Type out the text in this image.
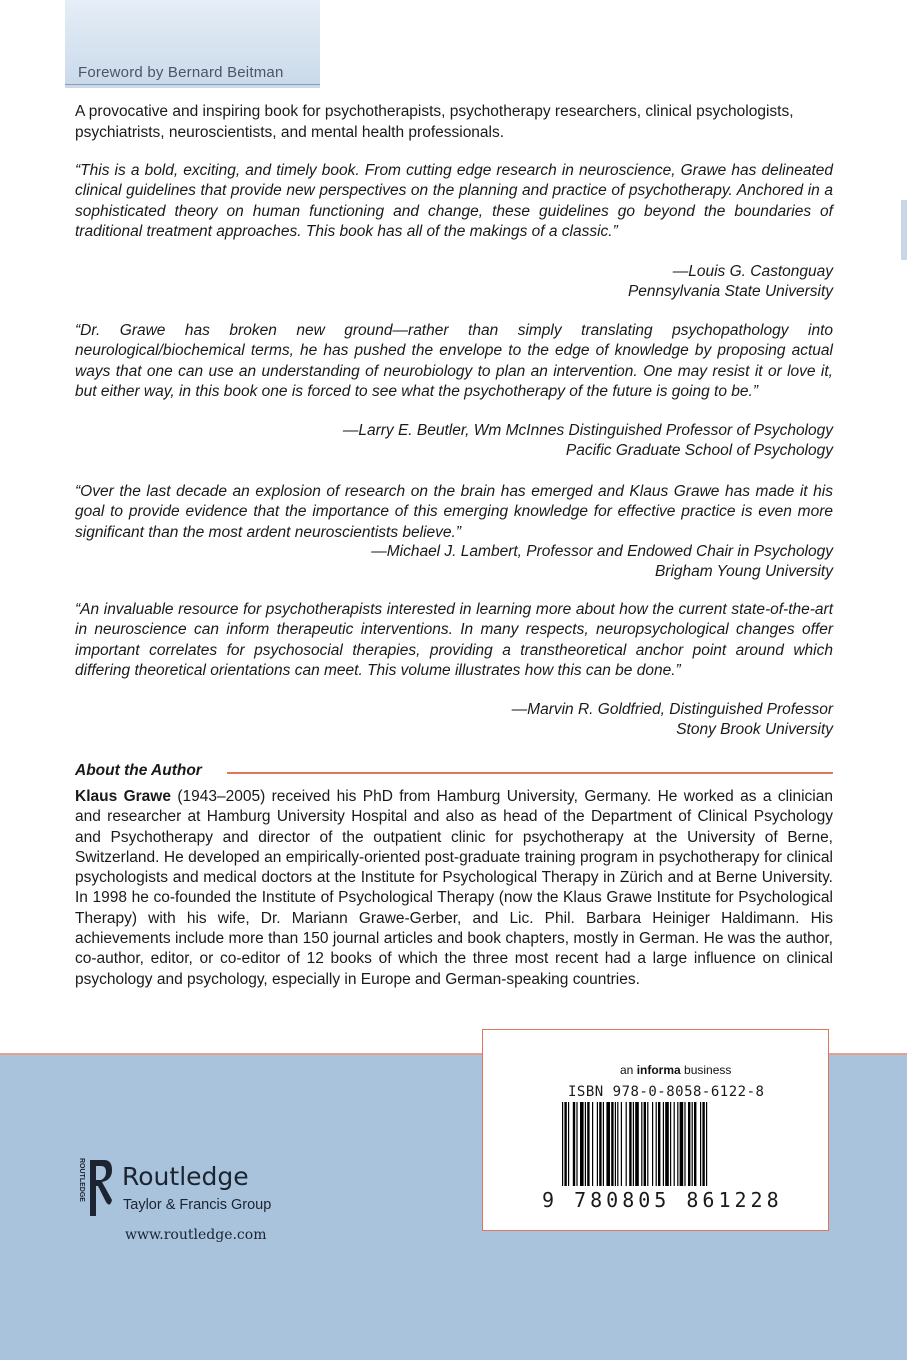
Foreword by Bernard Beitman

A provocative and inspiring book for psychotherapists, psychotherapy researchers, clinical psychologists, psychiatrists, neuroscientists, and mental health professionals.

“This is a bold, exciting, and timely book. From cutting edge research in neuroscience, Grawe has delineated clinical guidelines that provide new perspectives on the planning and practice of psychotherapy. Anchored in a sophisticated theory on human functioning and change, these guidelines go beyond the boundaries of traditional treatment approaches. This book has all of the makings of a classic.”

—Louis G. Castonguay
Pennsylvania State University

“Dr. Grawe has broken new ground—rather than simply translating psychopathology into neurological/biochemical terms, he has pushed the envelope to the edge of knowledge by proposing actual ways that one can use an understanding of neurobiology to plan an intervention. One may resist it or love it, but either way, in this book one is forced to see what the psychotherapy of the future is going to be.”

—Larry E. Beutler, Wm McInnes Distinguished Professor of Psychology
Pacific Graduate School of Psychology

“Over the last decade an explosion of research on the brain has emerged and Klaus Grawe has made it his goal to provide evidence that the importance of this emerging knowledge for effective practice is even more significant than the most ardent neuroscientists believe.”

—Michael J. Lambert, Professor and Endowed Chair in Psychology
Brigham Young University

“An invaluable resource for psychotherapists interested in learning more about how the current state-of-the-art in neuroscience can inform therapeutic interventions. In many respects, neuropsychological changes offer important correlates for psychosocial therapies, providing a transtheoretical anchor point around which differing theoretical orientations can meet. This volume illustrates how this can be done.”

—Marvin R. Goldfried, Distinguished Professor
Stony Brook University

About the Author

Klaus Grawe (1943–2005) received his PhD from Hamburg University, Germany. He worked as a clinician and researcher at Hamburg University Hospital and also as head of the Department of Clinical Psychology and Psychotherapy and director of the outpatient clinic for psychotherapy at the University of Berne, Switzerland. He developed an empirically-oriented post-graduate training program in psychotherapy for clinical psychologists and medical doctors at the Institute for Psychological Therapy in Zürich and at Berne University. In 1998 he co-founded the Institute of Psychological Therapy (now the Klaus Grawe Institute for Psychological Therapy) with his wife, Dr. Mariann Grawe-Gerber, and Lic. Phil. Barbara Heiniger Haldimann. His achievements include more than 150 journal articles and book chapters, mostly in German. He was the author, co-author, editor, or co-editor of 12 books of which the three most recent had a large influence on clinical psychology and psychology, especially in Europe and German-speaking countries.

an informa business
ISBN 978-0-8058-6122-8
9 780805 861228
ROUTLEDGE Routledge
Taylor & Francis Group
www.routledge.com
